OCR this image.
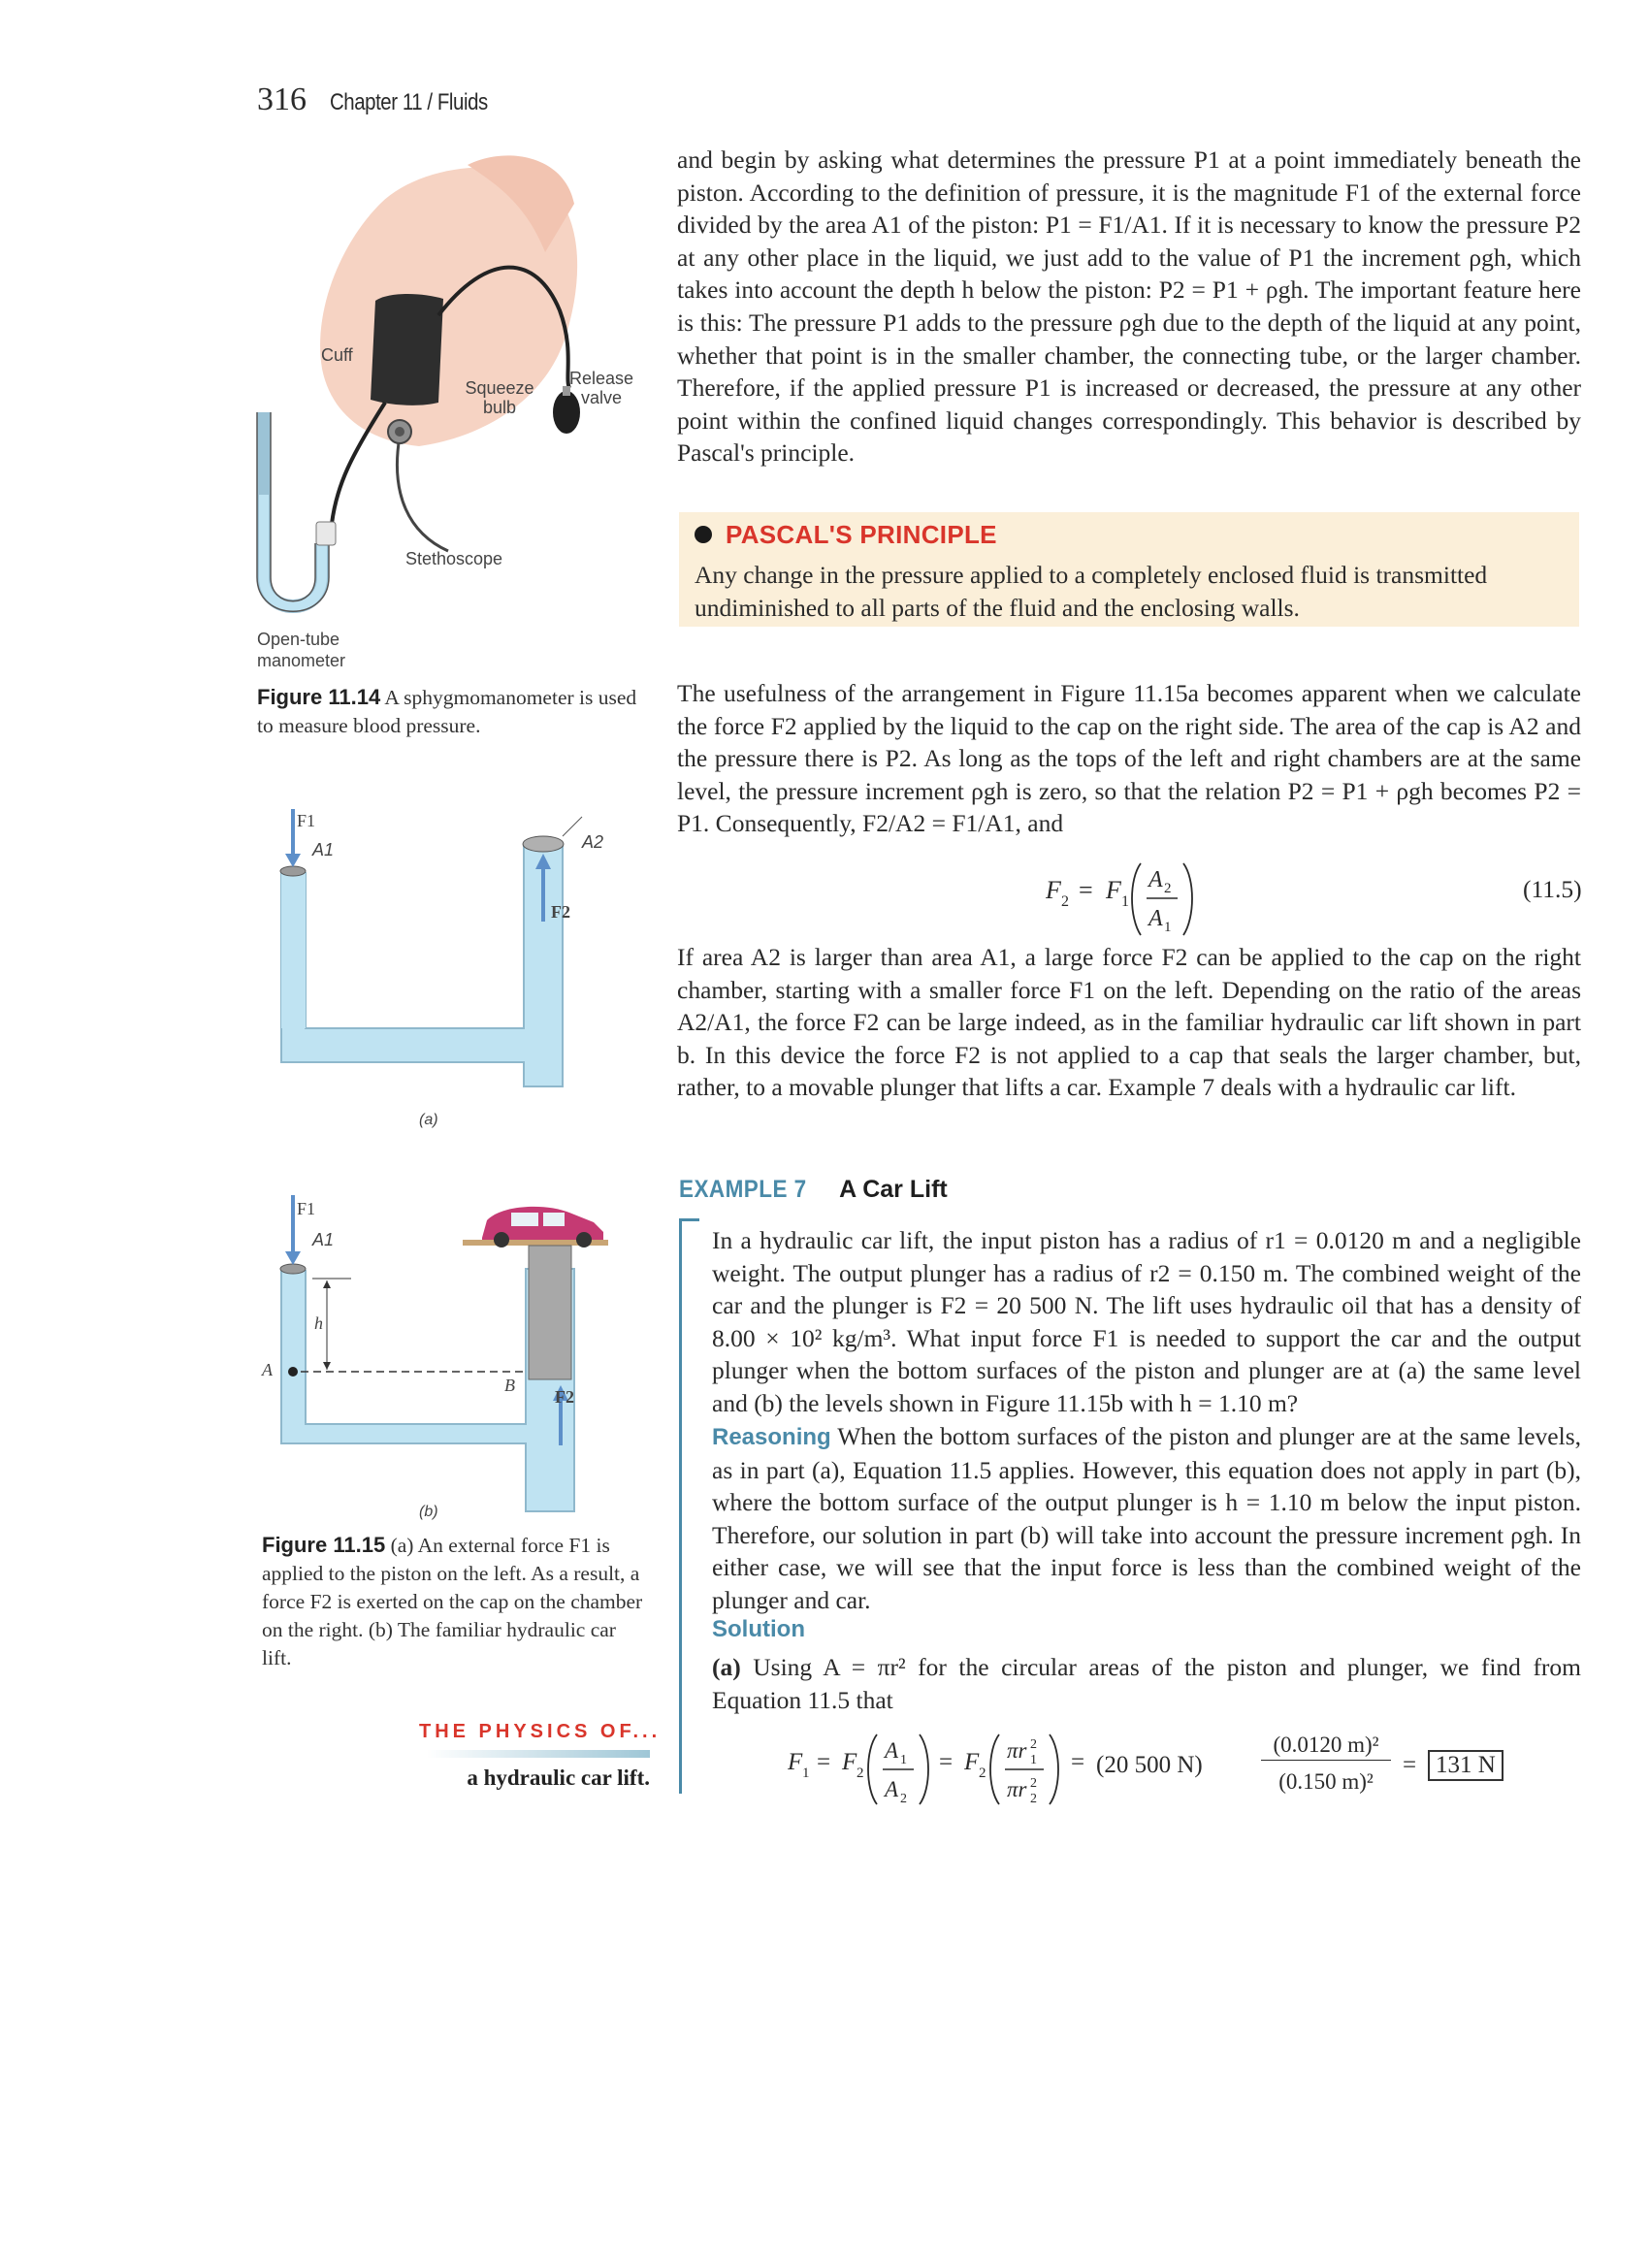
316 Chapter 11 / Fluids
Cuff
Squeeze bulb
Release valve
Stethoscope
Open-tube manometer
Figure 11.14 A sphygmomanometer is used to measure blood pressure.
F1
A1	A2
F2
(a)
F1
A1
h
A
B
F2
(b)
Figure 11.15 (a) An external force F1 is applied to the piston on the left. As a result, a force F2 is exerted on the cap on the chamber on the right. (b) The familiar hydraulic car lift.
THE PHYSICS OF...
a hydraulic car lift.

and begin by asking what determines the pressure P1 at a point immediately beneath the piston. According to the definition of pressure, it is the magnitude F1 of the external force divided by the area A1 of the piston: P1 = F1/A1. If it is necessary to know the pressure P2 at any other place in the liquid, we just add to the value of P1 the increment ρgh, which takes into account the depth h below the piston: P2 = P1 + ρgh. The important feature here is this: The pressure P1 adds to the pressure ρgh due to the depth of the liquid at any point, whether that point is in the smaller chamber, the connecting tube, or the larger chamber. Therefore, if the applied pressure P1 is increased or decreased, the pressure at any other point within the confined liquid changes correspondingly. This behavior is described by Pascal's principle.

PASCAL'S PRINCIPLE
Any change in the pressure applied to a completely enclosed fluid is transmitted undiminished to all parts of the fluid and the enclosing walls.

The usefulness of the arrangement in Figure 11.15a becomes apparent when we calculate the force F2 applied by the liquid to the cap on the right side. The area of the cap is A2 and the pressure there is P2. As long as the tops of the left and right chambers are at the same level, the pressure increment ρgh is zero, so that the relation P2 = P1 + ρgh becomes P2 = P1. Consequently, F2/A2 = F1/A1, and

F 2 = F 1
A 2
A 1
(11.5)

If area A2 is larger than area A1, a large force F2 can be applied to the cap on the right chamber, starting with a smaller force F1 on the left. Depending on the ratio of the areas A2/A1, the force F2 can be large indeed, as in the familiar hydraulic car lift shown in part b. In this device the force F2 is not applied to a cap that seals the larger chamber, but, rather, to a movable plunger that lifts a car. Example 7 deals with a hydraulic car lift.

EXAMPLE 7 A Car Lift

In a hydraulic car lift, the input piston has a radius of r1 = 0.0120 m and a negligible weight. The output plunger has a radius of r2 = 0.150 m. The combined weight of the car and the plunger is F2 = 20 500 N. The lift uses hydraulic oil that has a density of 8.00 × 10² kg/m³. What input force F1 is needed to support the car and the output plunger when the bottom surfaces of the piston and plunger are at (a) the same level and (b) the levels shown in Figure 11.15b with h = 1.10 m?

Reasoning When the bottom surfaces of the piston and plunger are at the same levels, as in part (a), Equation 11.5 applies. However, this equation does not apply in part (b), where the bottom surface of the output plunger is h = 1.10 m below the input piston. Therefore, our solution in part (b) will take into account the pressure increment ρgh. In either case, we will see that the input force is less than the combined weight of the plunger and car.

Solution

(a) Using A = πr² for the circular areas of the piston and plunger, we find from Equation 11.5 that

F 1 = F 2
A 1
A 2
= F 2
πr 1
2
πr 2
2
= (20 500 N)
(0.0120 m)²
(0.150 m)²
= 131 N
